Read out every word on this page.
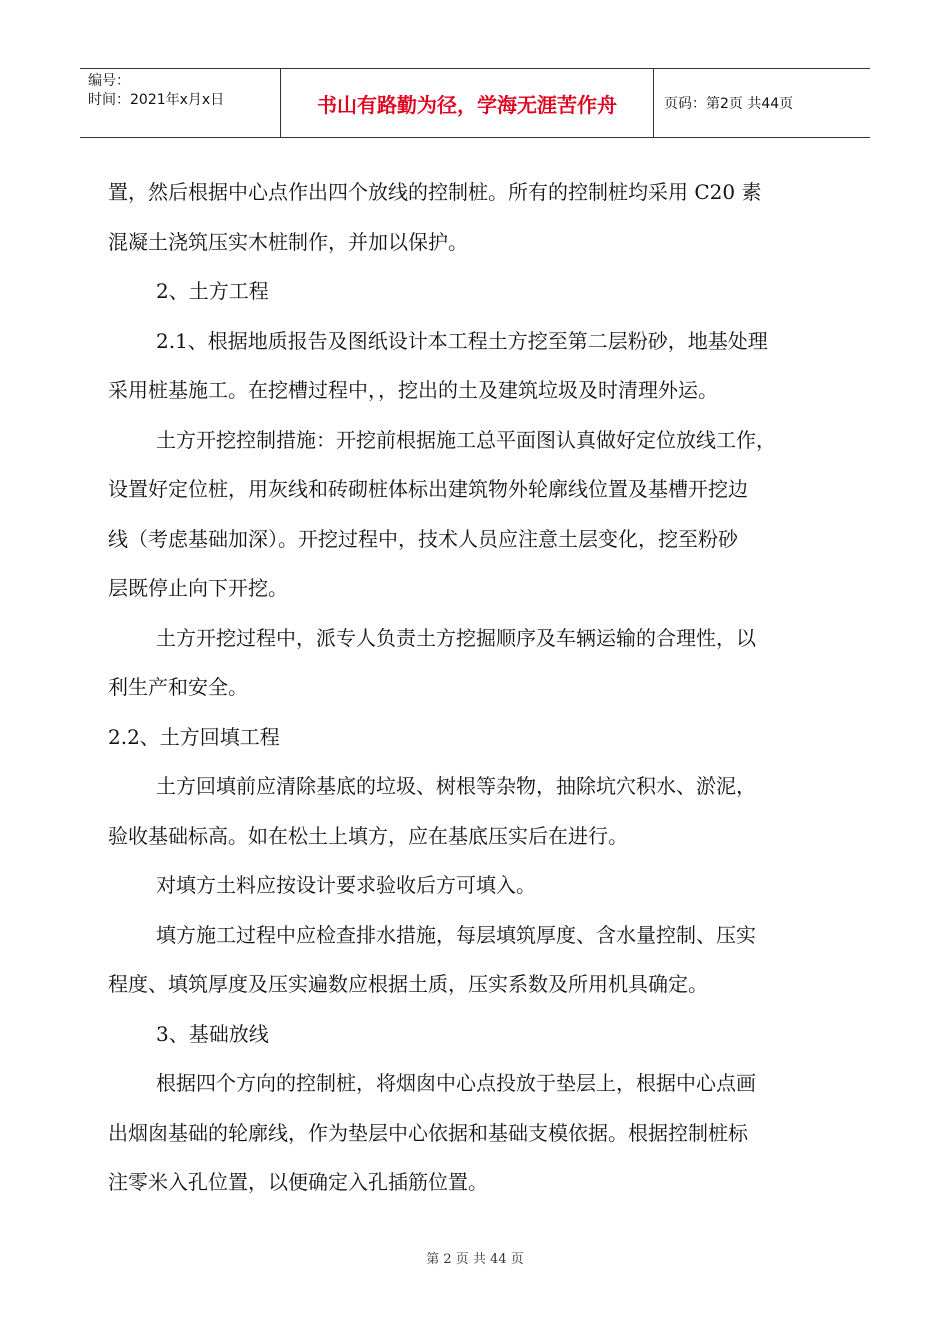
编号：
时间：2021年x月x日	书山有路勤为径，学海无涯苦作舟	页码：第2页 共44页
置，然后根据中心点作出四个放线的控制桩。所有的控制桩均采用 C20 素
混凝土浇筑压实木桩制作，并加以保护。
2、土方工程
2.1、根据地质报告及图纸设计本工程土方挖至第二层粉砂，地基处理
采用桩基施工。在挖槽过程中，，挖出的土及建筑垃圾及时清理外运。
土方开挖控制措施：开挖前根据施工总平面图认真做好定位放线工作，
设置好定位桩，用灰线和砖砌桩体标出建筑物外轮廓线位置及基槽开挖边
线（考虑基础加深）。开挖过程中，技术人员应注意土层变化，挖至粉砂
层既停止向下开挖。
土方开挖过程中，派专人负责土方挖掘顺序及车辆运输的合理性，以
利生产和安全。
2.2、土方回填工程
土方回填前应清除基底的垃圾、树根等杂物，抽除坑穴积水、淤泥，
验收基础标高。如在松土上填方，应在基底压实后在进行。
对填方土料应按设计要求验收后方可填入。
填方施工过程中应检查排水措施，每层填筑厚度、含水量控制、压实
程度、填筑厚度及压实遍数应根据土质，压实系数及所用机具确定。
3、基础放线
根据四个方向的控制桩，将烟囱中心点投放于垫层上，根据中心点画
出烟囱基础的轮廓线，作为垫层中心依据和基础支模依据。根据控制桩标
注零米入孔位置，以便确定入孔插筋位置。
第 2 页 共 44 页
